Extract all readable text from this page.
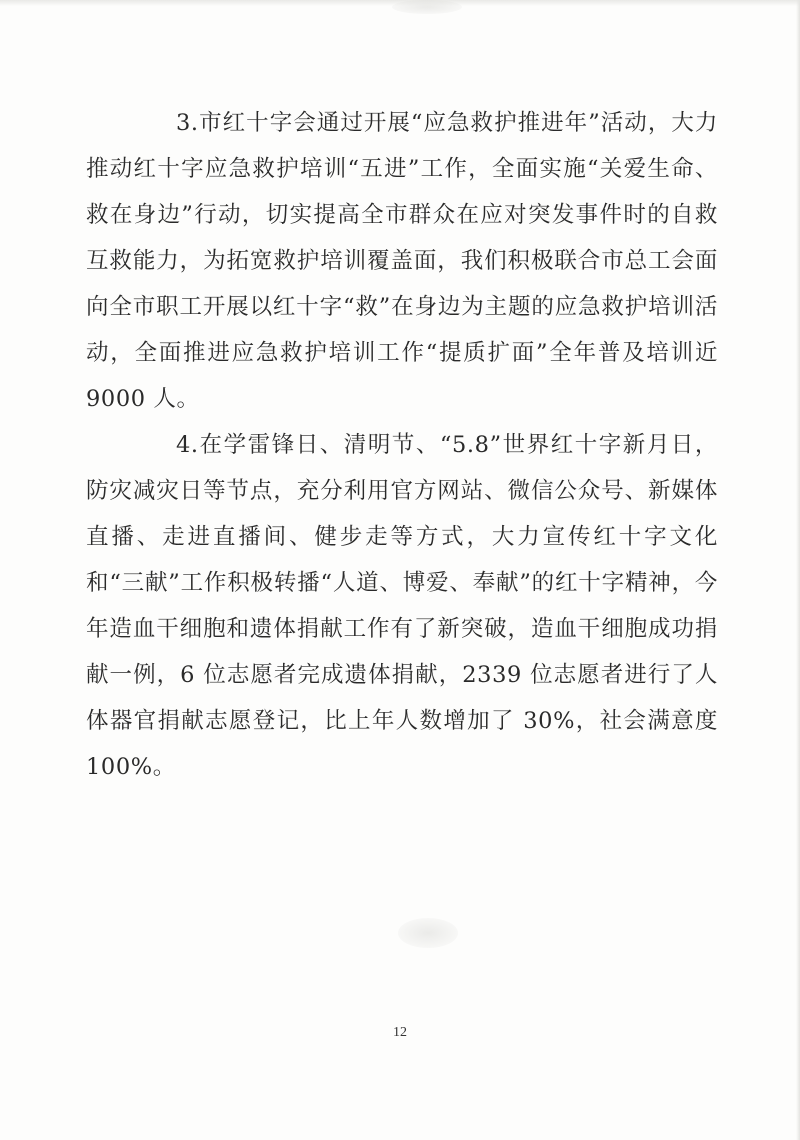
3.市红十字会通过开展“应急救护推进年”活动，大力推动红十字应急救护培训“五进”工作，全面实施“关爱生命、救在身边”行动，切实提高全市群众在应对突发事件时的自救互救能力，为拓宽救护培训覆盖面，我们积极联合市总工会面向全市职工开展以红十字“救”在身边为主题的应急救护培训活动，全面推进应急救护培训工作“提质扩面”全年普及培训近 9000 人。

4.在学雷锋日、清明节、“5.8”世界红十字新月日，防灾减灾日等节点，充分利用官方网站、微信公众号、新媒体直播、走进直播间、健步走等方式，大力宣传红十字文化和“三献”工作积极转播“人道、博爱、奉献”的红十字精神，今年造血干细胞和遗体捐献工作有了新突破，造血干细胞成功捐献一例，6 位志愿者完成遗体捐献，2339 位志愿者进行了人体器官捐献志愿登记，比上年人数增加了 30%，社会满意度 100%。

12
